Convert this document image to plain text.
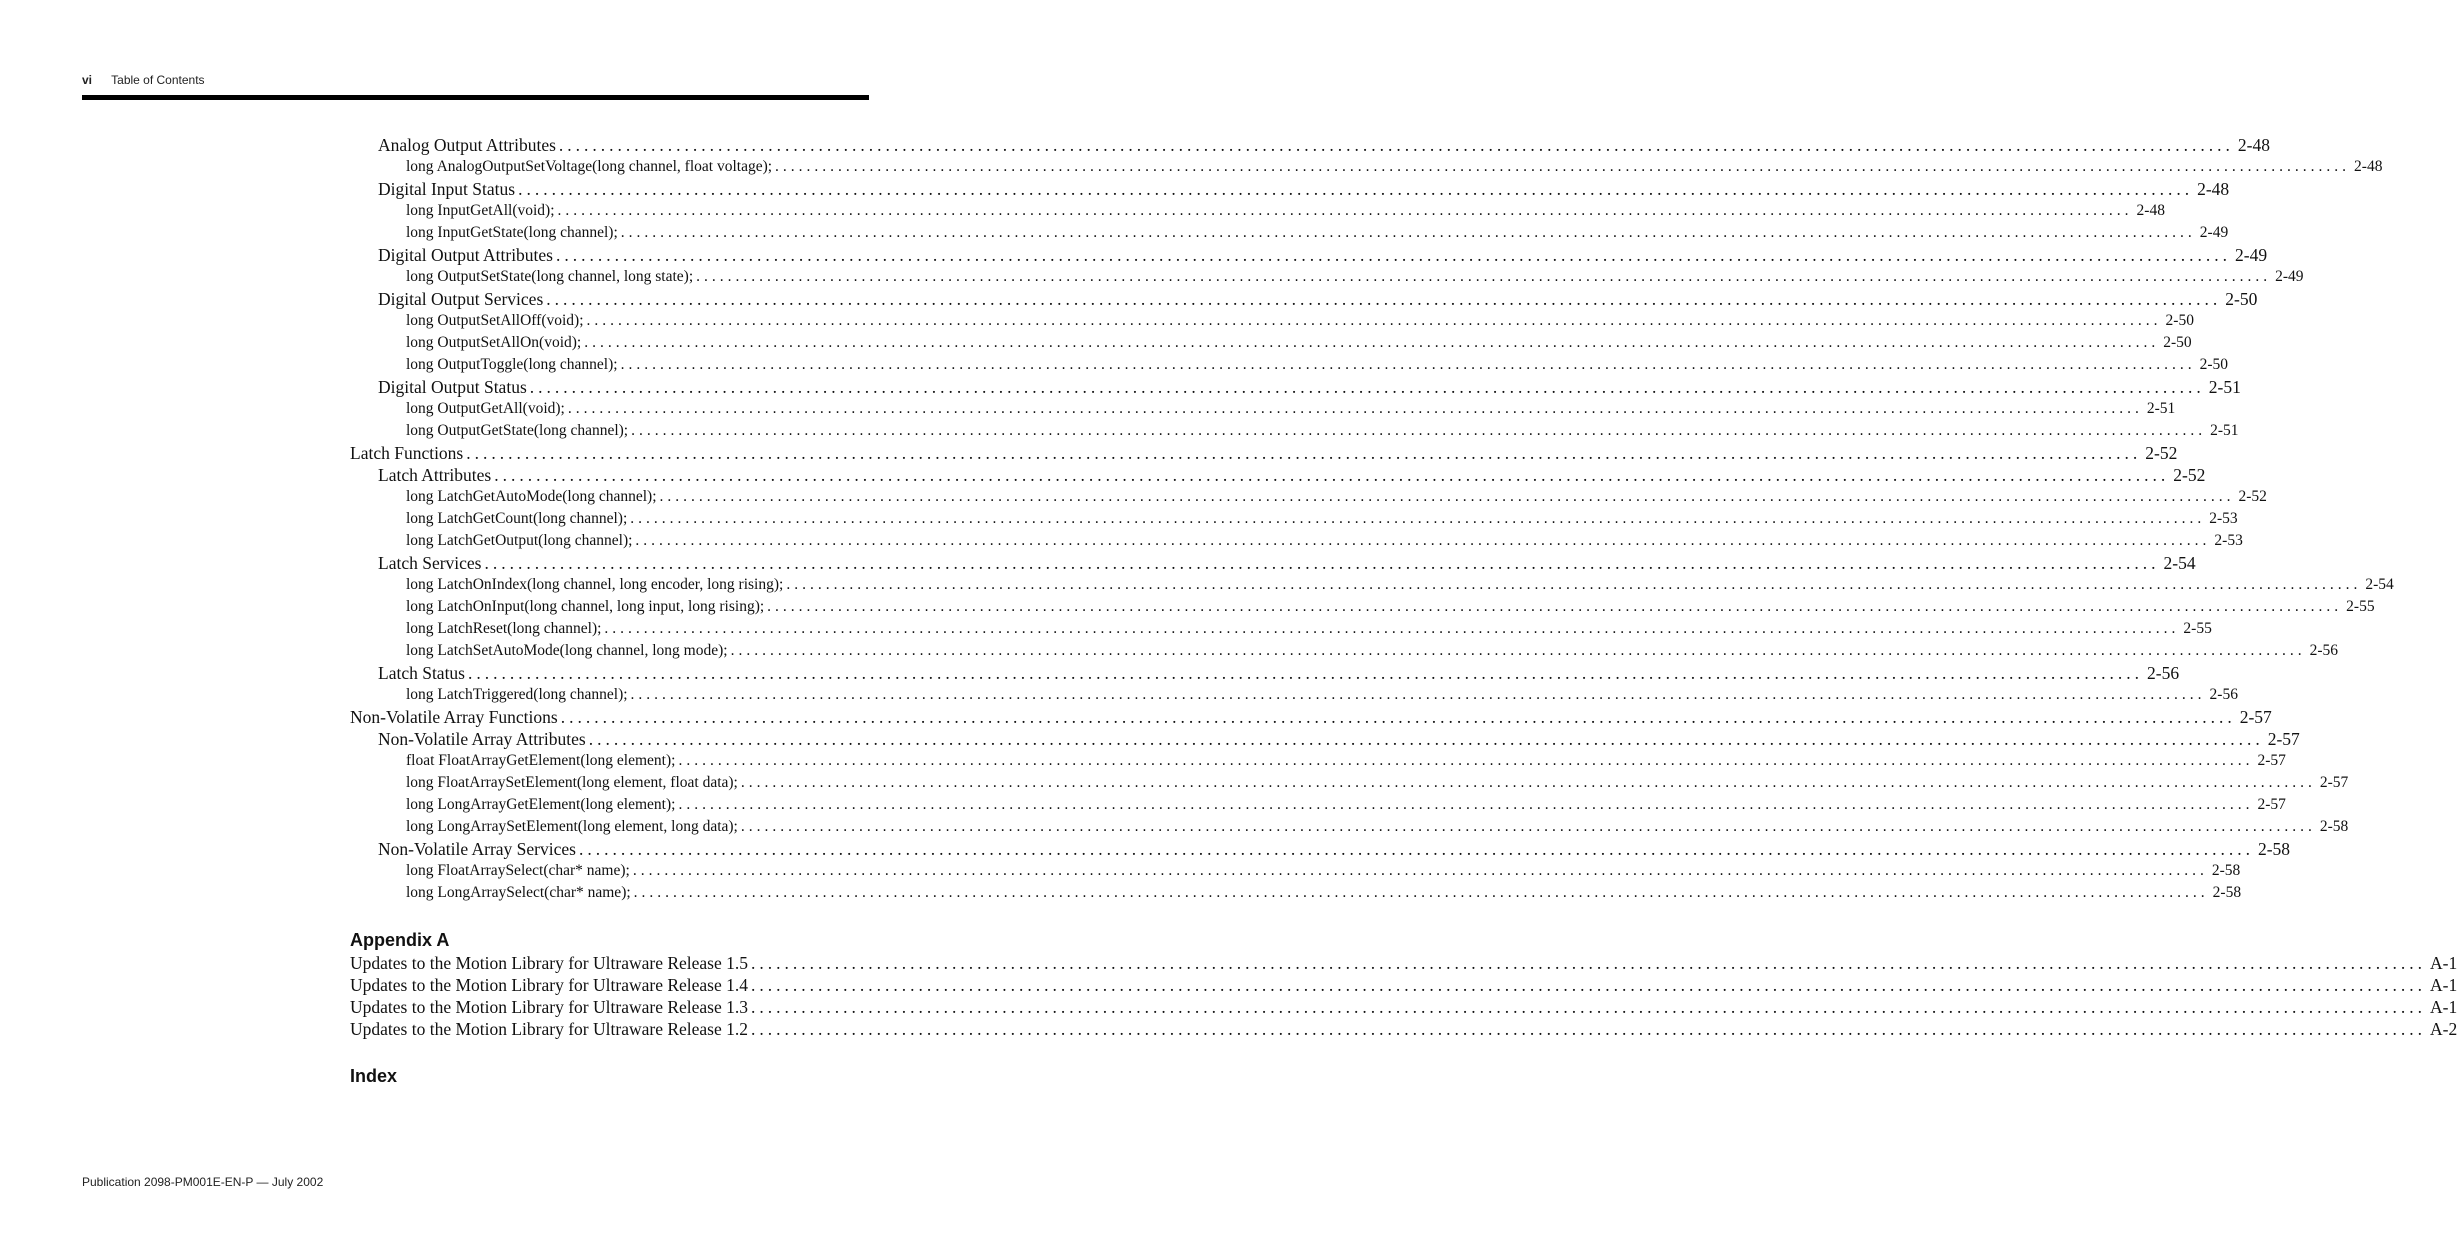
vi Table of Contents
Analog Output Attributes ........................................................................................................................................................................................................ 2-48
long AnalogOutputSetVoltage(long channel, float voltage); ........................................................................................................................................................................................................ 2-48
Digital Input Status ........................................................................................................................................................................................................ 2-48
long InputGetAll(void); ........................................................................................................................................................................................................ 2-48
long InputGetState(long channel); ........................................................................................................................................................................................................ 2-49
Digital Output Attributes ........................................................................................................................................................................................................ 2-49
long OutputSetState(long channel, long state); ........................................................................................................................................................................................................ 2-49
Digital Output Services ........................................................................................................................................................................................................ 2-50
long OutputSetAllOff(void); ........................................................................................................................................................................................................ 2-50
long OutputSetAllOn(void); ........................................................................................................................................................................................................ 2-50
long OutputToggle(long channel); ........................................................................................................................................................................................................ 2-50
Digital Output Status ........................................................................................................................................................................................................ 2-51
long OutputGetAll(void); ........................................................................................................................................................................................................ 2-51
long OutputGetState(long channel); ........................................................................................................................................................................................................ 2-51
Latch Functions ........................................................................................................................................................................................................ 2-52
Latch Attributes ........................................................................................................................................................................................................ 2-52
long LatchGetAutoMode(long channel); ........................................................................................................................................................................................................ 2-52
long LatchGetCount(long channel); ........................................................................................................................................................................................................ 2-53
long LatchGetOutput(long channel); ........................................................................................................................................................................................................ 2-53
Latch Services ........................................................................................................................................................................................................ 2-54
long LatchOnIndex(long channel, long encoder, long rising); ........................................................................................................................................................................................................ 2-54
long LatchOnInput(long channel, long input, long rising); ........................................................................................................................................................................................................ 2-55
long LatchReset(long channel); ........................................................................................................................................................................................................ 2-55
long LatchSetAutoMode(long channel, long mode); ........................................................................................................................................................................................................ 2-56
Latch Status ........................................................................................................................................................................................................ 2-56
long LatchTriggered(long channel); ........................................................................................................................................................................................................ 2-56
Non-Volatile Array Functions ........................................................................................................................................................................................................ 2-57
Non-Volatile Array Attributes ........................................................................................................................................................................................................ 2-57
float FloatArrayGetElement(long element); ........................................................................................................................................................................................................ 2-57
long FloatArraySetElement(long element, float data); ........................................................................................................................................................................................................ 2-57
long LongArrayGetElement(long element); ........................................................................................................................................................................................................ 2-57
long LongArraySetElement(long element, long data); ........................................................................................................................................................................................................ 2-58
Non-Volatile Array Services ........................................................................................................................................................................................................ 2-58
long FloatArraySelect(char* name); ........................................................................................................................................................................................................ 2-58
long LongArraySelect(char* name); ........................................................................................................................................................................................................ 2-58
Appendix A
Updates to the Motion Library for Ultraware Release 1.5 ........................................................................................................................................................................................................ A-1
Updates to the Motion Library for Ultraware Release 1.4 ........................................................................................................................................................................................................ A-1
Updates to the Motion Library for Ultraware Release 1.3 ........................................................................................................................................................................................................ A-1
Updates to the Motion Library for Ultraware Release 1.2 ........................................................................................................................................................................................................ A-2
Index
Publication 2098-PM001E-EN-P — July 2002
